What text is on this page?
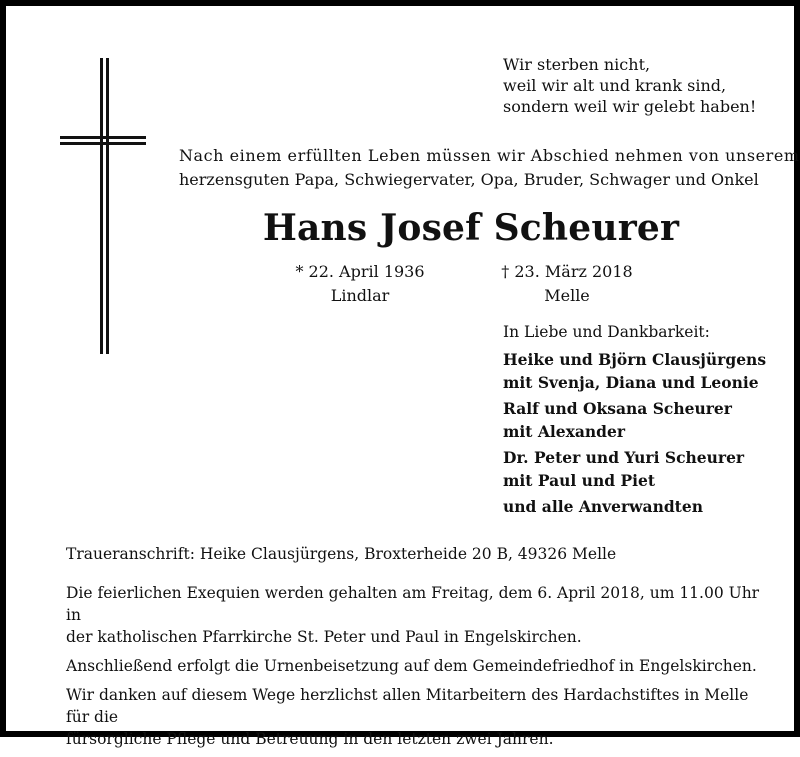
Wir sterben nicht,
weil wir alt und krank sind,
sondern weil wir gelebt haben!
Nach einem erfüllten Leben müssen wir Abschied nehmen von unserem
herzensguten Papa, Schwiegervater, Opa, Bruder, Schwager und Onkel
Hans Josef Scheurer
* 22. April 1936
Lindlar
† 23. März 2018
Melle
In Liebe und Dankbarkeit:
Heike und Björn Clausjürgens
mit Svenja, Diana und Leonie
Ralf und Oksana Scheurer
mit Alexander
Dr. Peter und Yuri Scheurer
mit Paul und Piet
und alle Anverwandten
Traueranschrift: Heike Clausjürgens, Broxterheide 20 B, 49326 Melle

Die feierlichen Exequien werden gehalten am Freitag, dem 6. April 2018, um 11.00 Uhr in
der katholischen Pfarrkirche St. Peter und Paul in Engelskirchen.

Anschließend erfolgt die Urnenbeisetzung auf dem Gemeindefriedhof in Engelskirchen.

Wir danken auf diesem Wege herzlichst allen Mitarbeitern des Hardachstiftes in Melle für die
fürsorgliche Pflege und Betreuung in den letzten zwei Jahren.
